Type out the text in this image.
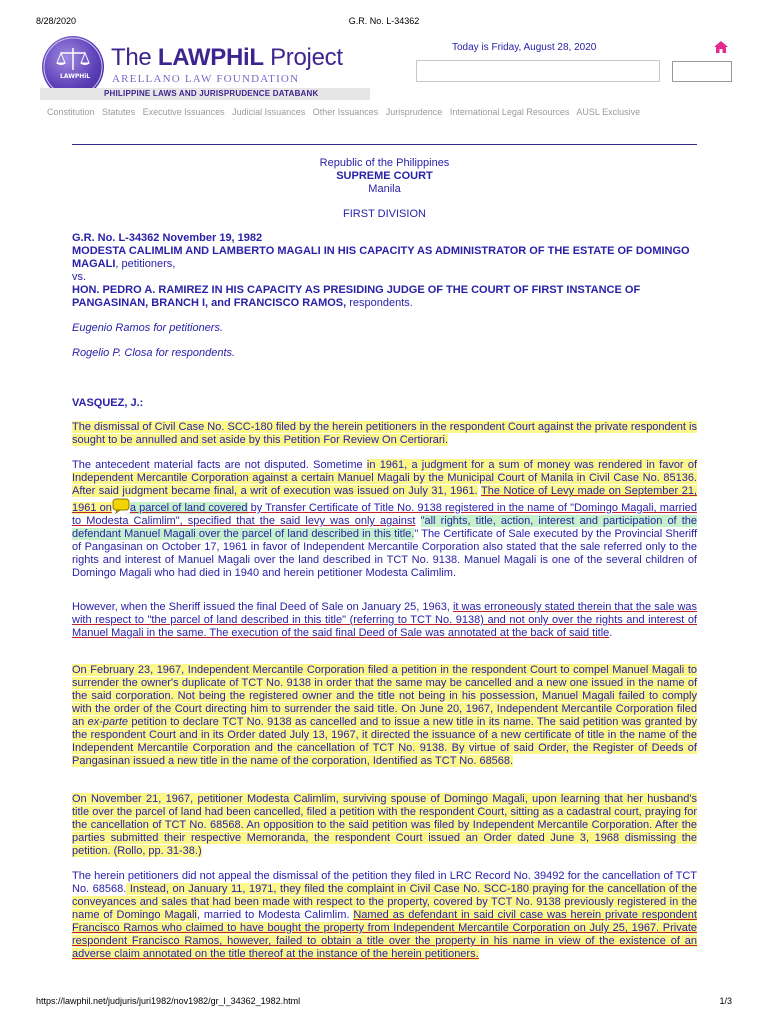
8/28/2020	G.R. No. L-34362
LAWPHiL
The LAWPHiL Project
ARELLANO LAW FOUNDATION
PHILIPPINE LAWS AND JURISPRUDENCE DATABANK
Today is Friday, August 28, 2020
Constitution Statutes Executive Issuances Judicial Issuances Other Issuances Jurisprudence International Legal Resources AUSL Exclusive
Republic of the Philippines
SUPREME COURT
Manila
FIRST DIVISION
G.R. No. L-34362 November 19, 1982
MODESTA CALIMLIM AND LAMBERTO MAGALI IN HIS CAPACITY AS ADMINISTRATOR OF THE ESTATE OF DOMINGO MAGALI, petitioners,
vs.
HON. PEDRO A. RAMIREZ IN HIS CAPACITY AS PRESIDING JUDGE OF THE COURT OF FIRST INSTANCE OF PANGASINAN, BRANCH I, and FRANCISCO RAMOS, respondents.
Eugenio Ramos for petitioners.
Rogelio P. Closa for respondents.
VASQUEZ, J.:
The dismissal of Civil Case No. SCC-180 filed by the herein petitioners in the respondent Court against the private respondent is sought to be annulled and set aside by this Petition For Review On Certiorari.
The antecedent material facts are not disputed. Sometime in 1961, a judgment for a sum of money was rendered in favor of Independent Mercantile Corporation against a certain Manuel Magali by the Municipal Court of Manila in Civil Case No. 85136. After said judgment became final, a writ of execution was issued on July 31, 1961. The Notice of Levy made on September 21, 1961 on a parcel of land covered by Transfer Certificate of Title No. 9138 registered in the name of "Domingo Magali, married to Modesta Calimlim", specified that the said levy was only against "all rights, title, action, interest and participation of the defendant Manuel Magali over the parcel of land described in this title." The Certificate of Sale executed by the Provincial Sheriff of Pangasinan on October 17, 1961 in favor of Independent Mercantile Corporation also stated that the sale referred only to the rights and interest of Manuel Magali over the land described in TCT No. 9138. Manuel Magali is one of the several children of Domingo Magali who had died in 1940 and herein petitioner Modesta Calimlim.
However, when the Sheriff issued the final Deed of Sale on January 25, 1963, it was erroneously stated therein that the sale was with respect to "the parcel of land described in this title" (referring to TCT No. 9138) and not only over the rights and interest of Manuel Magali in the same. The execution of the said final Deed of Sale was annotated at the back of said title.
On February 23, 1967, Independent Mercantile Corporation filed a petition in the respondent Court to compel Manuel Magali to surrender the owner's duplicate of TCT No. 9138 in order that the same may be cancelled and a new one issued in the name of the said corporation. Not being the registered owner and the title not being in his possession, Manuel Magali failed to comply with the order of the Court directing him to surrender the said title. On June 20, 1967, Independent Mercantile Corporation filed an ex-parte petition to declare TCT No. 9138 as cancelled and to issue a new title in its name. The said petition was granted by the respondent Court and in its Order dated July 13, 1967, it directed the issuance of a new certificate of title in the name of the Independent Mercantile Corporation and the cancellation of TCT No. 9138. By virtue of said Order, the Register of Deeds of Pangasinan issued a new title in the name of the corporation, Identified as TCT No. 68568.
On November 21, 1967, petitioner Modesta Calimlim, surviving spouse of Domingo Magali, upon learning that her husband's title over the parcel of land had been cancelled, filed a petition with the respondent Court, sitting as a cadastral court, praying for the cancellation of TCT No. 68568. An opposition to the said petition was filed by Independent Mercantile Corporation. After the parties submitted their respective Memoranda, the respondent Court issued an Order dated June 3, 1968 dismissing the petition. (Rollo, pp. 31-38.)
The herein petitioners did not appeal the dismissal of the petition they filed in LRC Record No. 39492 for the cancellation of TCT No. 68568. Instead, on January 11, 1971, they filed the complaint in Civil Case No. SCC-180 praying for the cancellation of the conveyances and sales that had been made with respect to the property, covered by TCT No. 9138 previously registered in the name of Domingo Magali, married to Modesta Calimlim. Named as defendant in said civil case was herein private respondent Francisco Ramos who claimed to have bought the property from Independent Mercantile Corporation on July 25, 1967. Private respondent Francisco Ramos, however, failed to obtain a title over the property in his name in view of the existence of an adverse claim annotated on the title thereof at the instance of the herein petitioners.
https://lawphil.net/judjuris/juri1982/nov1982/gr_l_34362_1982.html	1/3
